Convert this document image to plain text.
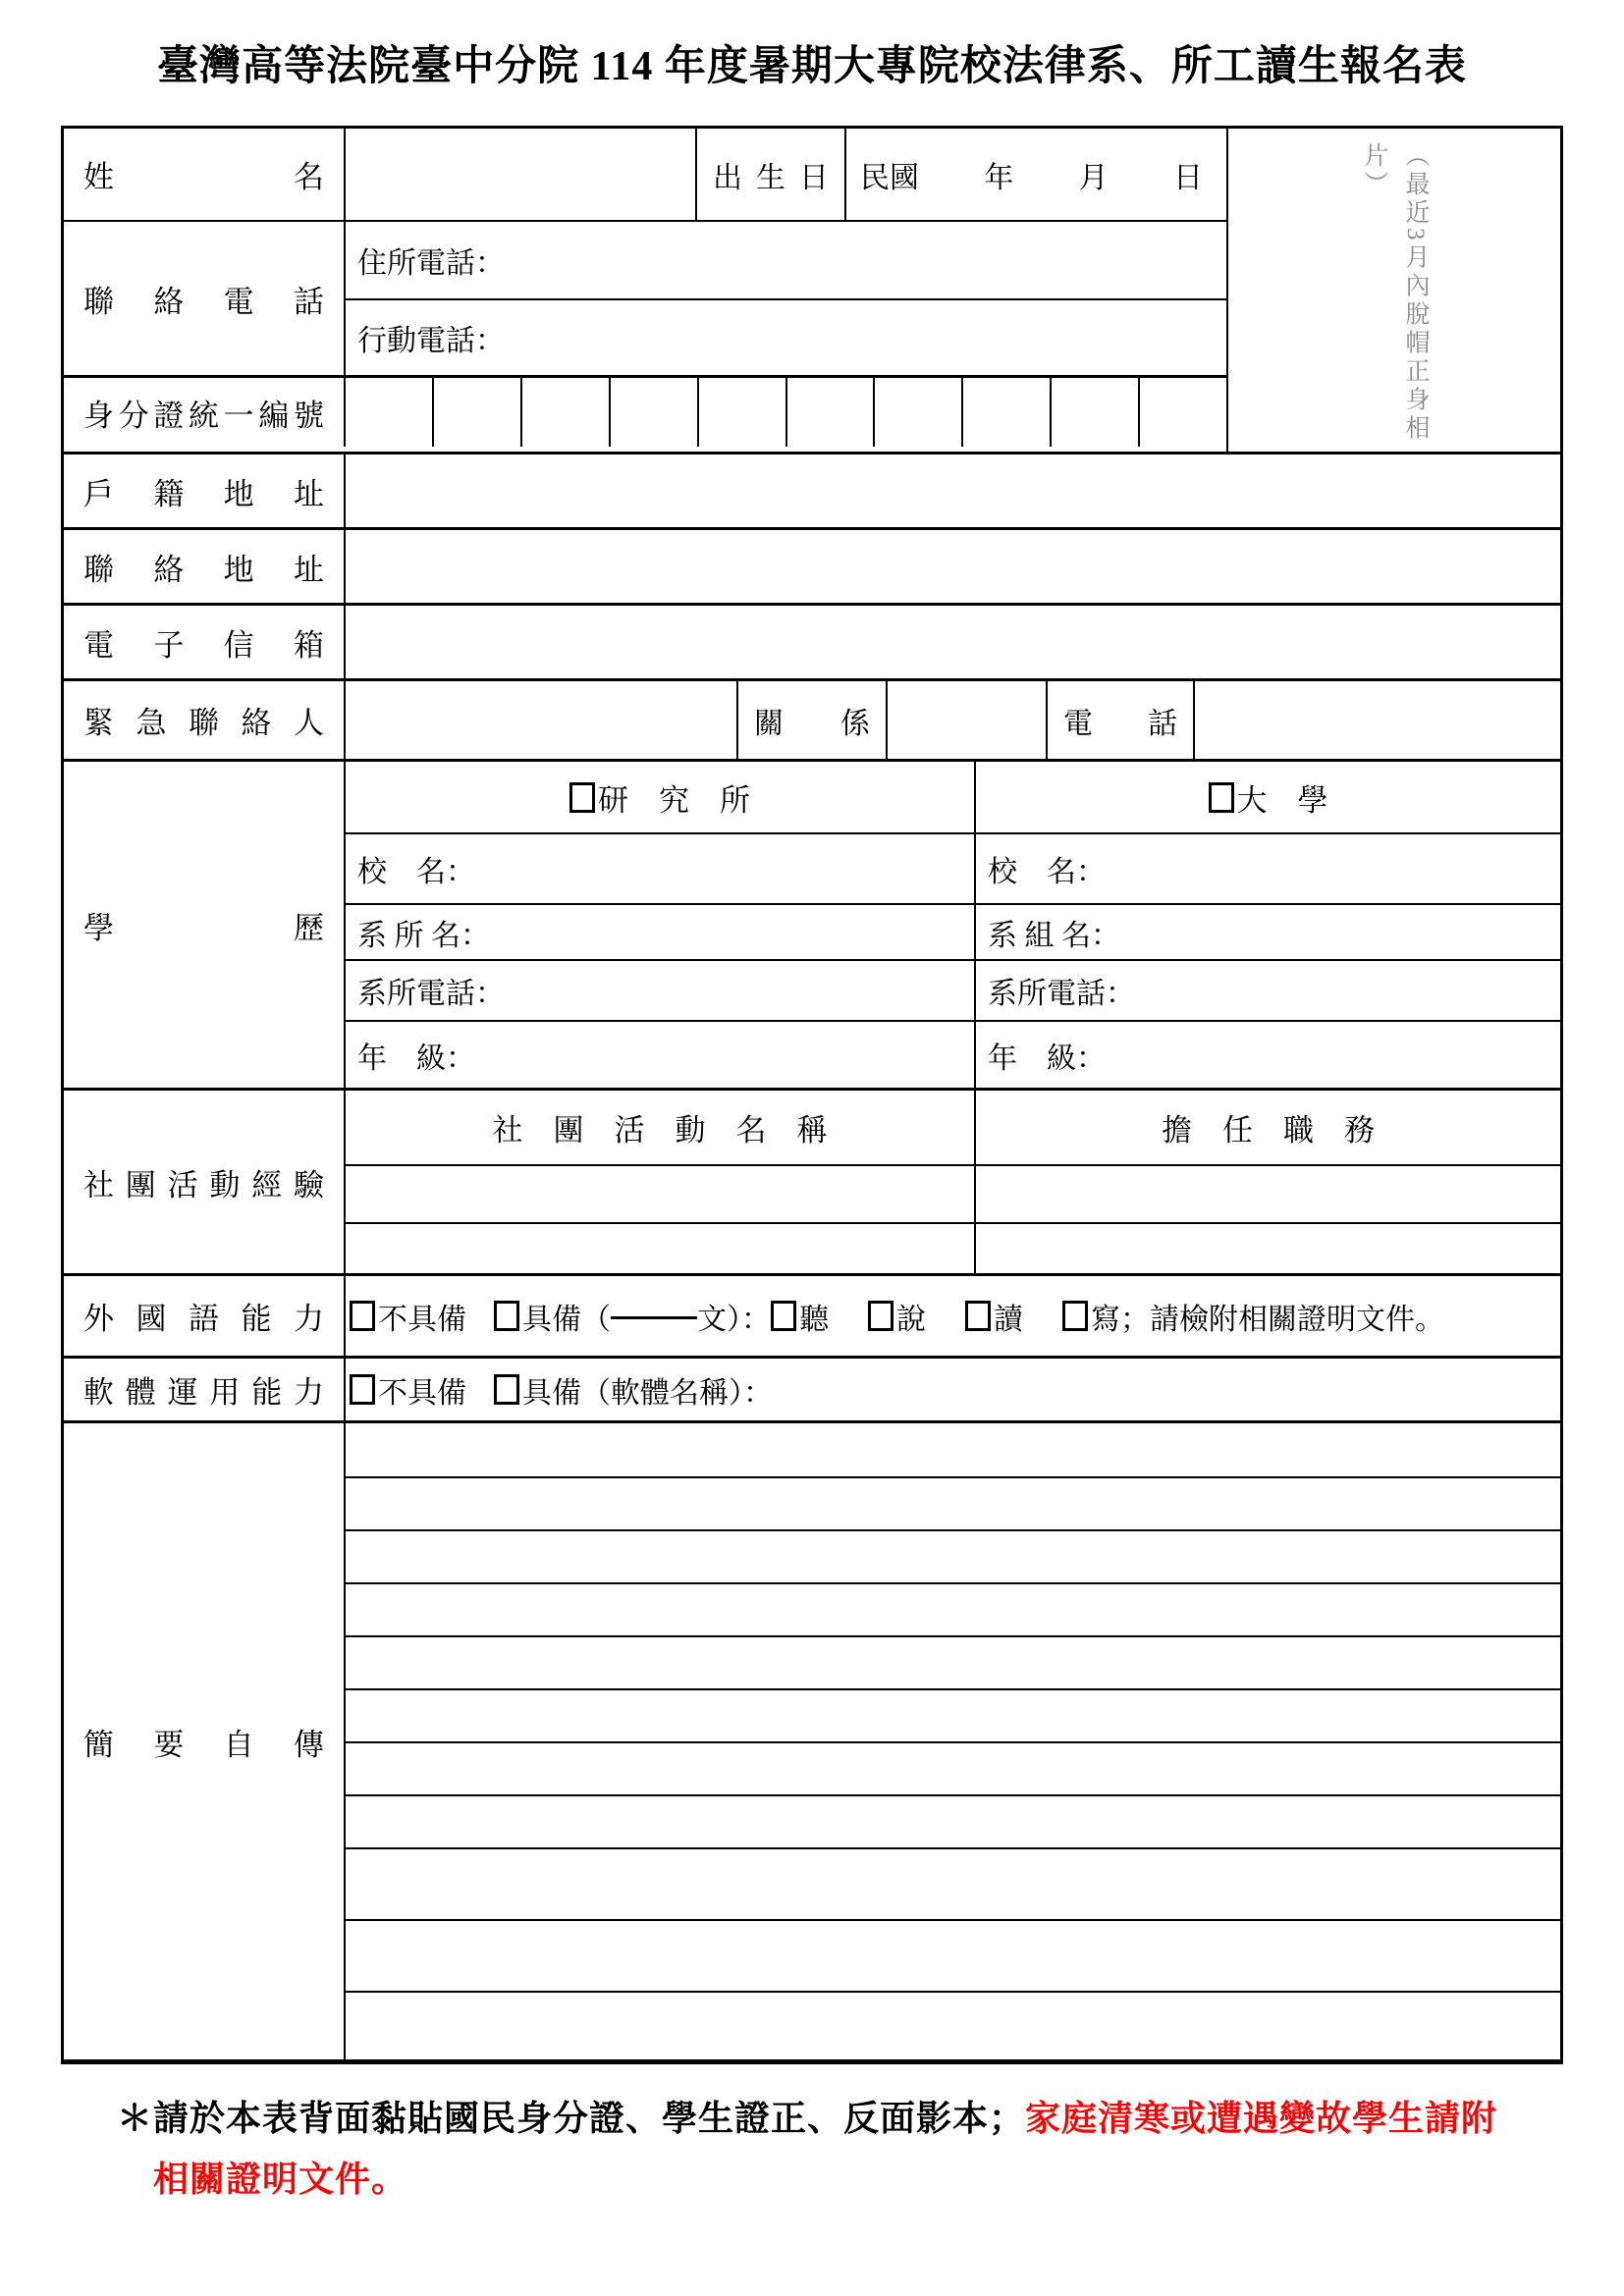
臺灣高等法院臺中分院 114 年度暑期大專院校法律系、所工讀生報名表
姓名	出生日	民國 年 月 日
聯絡電話
住所電話：
行動電話：
身分證統一編號	（最近3月內脫帽正身相片）
戶籍地址
聯絡地址
電子信箱
緊急聯絡人	關係	電話
學歷
研　究　所	大　學
校　名：	校　名：
系 所 名：	系 組 名：
系所電話：	系所電話：
年　級：	年　級：
社團活動經驗
社　團　活　動　名　稱	擔　任　職　務
外國語能力	不具備 具備（	文）： 聽 說 讀 寫；請檢附相關證明文件。
軟體運用能力	不具備 具備（軟體名稱）：
簡要自傳
＊請於本表背面黏貼國民身分證、學生證正、反面影本；家庭清寒或遭遇變故學生請附相關證明文件。
